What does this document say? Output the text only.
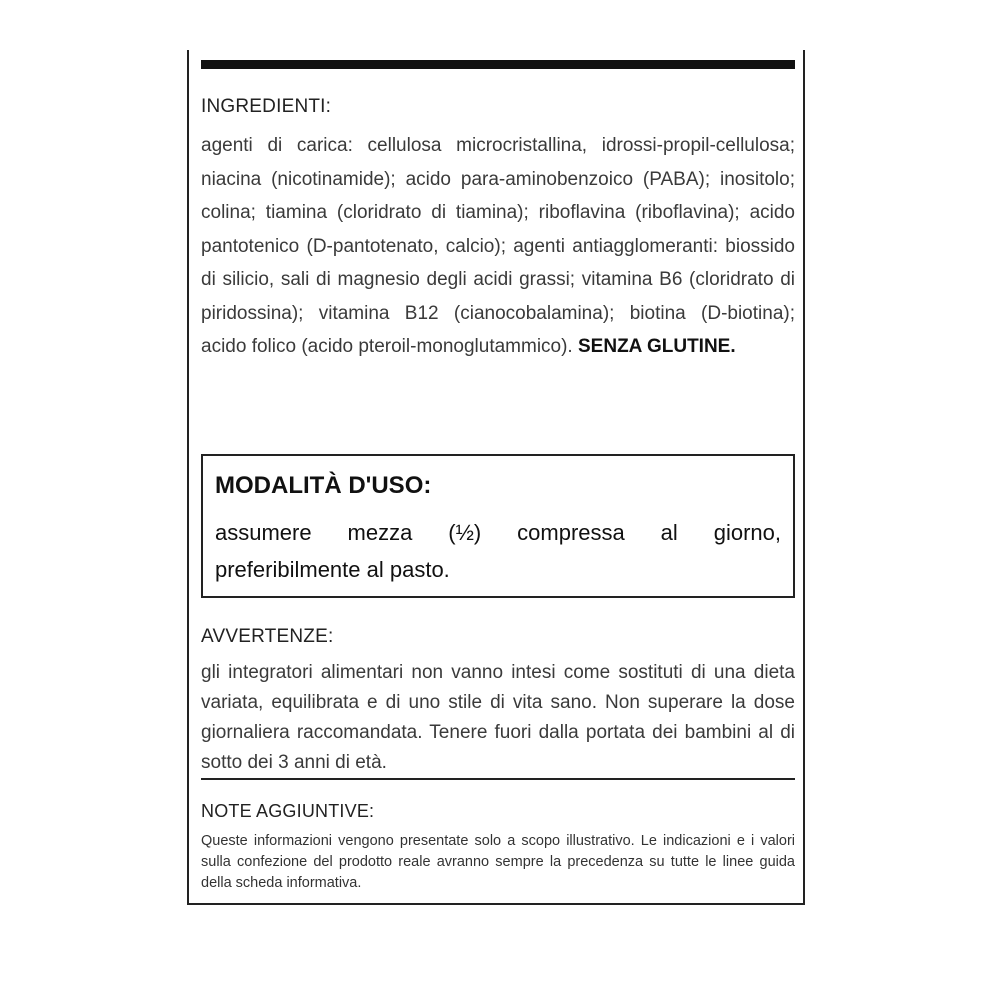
INGREDIENTI:
agenti di carica: cellulosa microcristallina, idrossi-propil-cellulosa; niacina (nicotinamide); acido para-aminobenzoico (PABA); inositolo; colina; tiamina (cloridrato di tiamina); riboflavina (riboflavina); acido pantotenico (D-pantotenato, calcio); agenti antiagglomeranti: biossido di silicio, sali di magnesio degli acidi grassi; vitamina B6 (cloridrato di piridossina); vitamina B12 (cianocobalamina); biotina (D-biotina); acido folico (acido pteroil-monoglutammico). SENZA GLUTINE.
MODALITÀ D'USO:
assumere mezza (½) compressa al giorno, preferibilmente al pasto.
AVVERTENZE:
gli integratori alimentari non vanno intesi come sostituti di una dieta variata, equilibrata e di uno stile di vita sano. Non superare la dose giornaliera raccomandata. Tenere fuori dalla portata dei bambini al di sotto dei 3 anni di età.
NOTE AGGIUNTIVE:
Queste informazioni vengono presentate solo a scopo illustrativo. Le indicazioni e i valori sulla confezione del prodotto reale avranno sempre la precedenza su tutte le linee guida della scheda informativa.
